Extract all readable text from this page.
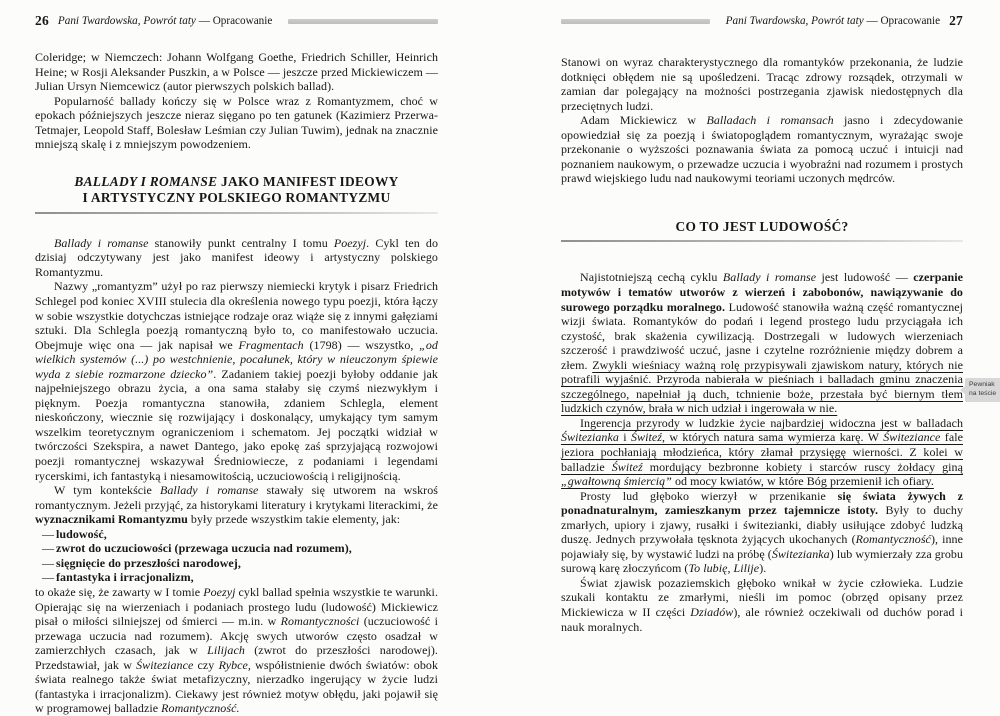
26 Pani Twardowska, Powrót taty — Opracowanie

Coleridge; w Niemczech: Johann Wolfgang Goethe, Friedrich Schiller, Heinrich Heine; w Rosji Aleksander Puszkin, a w Polsce — jeszcze przed Mickiewiczem — Julian Ursyn Niemcewicz (autor pierwszych polskich ballad).

Popularność ballady kończy się w Polsce wraz z Romantyzmem, choć w epokach późniejszych jeszcze nieraz sięgano po ten gatunek (Kazimierz Przerwa-Tetmajer, Leopold Staff, Bolesław Leśmian czy Julian Tuwim), jednak na znacznie mniejszą skalę i z mniejszym powodzeniem.

BALLADY I ROMANSE JAKO MANIFEST IDEOWY
I ARTYSTYCZNY POLSKIEGO ROMANTYZMU

Ballady i romanse stanowiły punkt centralny I tomu Poezyj. Cykl ten do dzisiaj odczytywany jest jako manifest ideowy i artystyczny polskiego Romantyzmu.

Nazwy „romantyzm” użył po raz pierwszy niemiecki krytyk i pisarz Friedrich Schlegel pod koniec XVIII stulecia dla określenia nowego typu poezji, która łączy w sobie wszystkie dotychczas istniejące rodzaje oraz wiąże się z innymi gałęziami sztuki. Dla Schlegla poezją romantyczną było to, co manifestowało uczucia. Obejmuje więc ona — jak napisał we Fragmentach (1798) — wszystko, „od wielkich systemów (...) po westchnienie, pocałunek, który w nieuczonym śpiewie wyda z siebie rozmarzone dziecko”. Zadaniem takiej poezji byłoby oddanie jak najpełniejszego obrazu życia, a ona sama stałaby się czymś niezwykłym i pięknym. Poezja romantyczna stanowiła, zdaniem Schlegla, element nieskończony, wiecznie się rozwijający i doskonalący, umykający tym samym wszelkim teoretycznym ograniczeniom i schematom. Jej początki widział w twórczości Szekspira, a nawet Dantego, jako epokę zaś sprzyjającą rozwojowi poezji romantycznej wskazywał Średniowiecze, z podaniami i legendami rycerskimi, ich fantastyką i niesamowitością, uczuciowością i religijnością.

W tym kontekście Ballady i romanse stawały się utworem na wskroś romantycznym. Jeżeli przyjąć, za historykami literatury i krytykami literackimi, że wyznacznikami Romantyzmu były przede wszystkim takie elementy, jak:

— ludowość,
— zwrot do uczuciowości (przewaga uczucia nad rozumem),
— sięgnięcie do przeszłości narodowej,
— fantastyka i irracjonalizm,

to okaże się, że zawarty w I tomie Poezyj cykl ballad spełnia wszystkie te warunki. Opierając się na wierzeniach i podaniach prostego ludu (ludowość) Mickiewicz pisał o miłości silniejszej od śmierci — m.in. w Romantyczności (uczuciowość i przewaga uczucia nad rozumem). Akcję swych utworów często osadzał w zamierzchłych czasach, jak w Lilijach (zwrot do przeszłości narodowej). Przedstawiał, jak w Świteziance czy Rybce, współistnienie dwóch światów: obok świata realnego także świat metafizyczny, nierzadko ingerujący w życie ludzi (fantastyka i irracjonalizm). Ciekawy jest również motyw obłędu, jaki pojawił się w programowej balladzie Romantyczność.

Pani Twardowska, Powrót taty — Opracowanie 27

Stanowi on wyraz charakterystycznego dla romantyków przekonania, że ludzie dotknięci obłędem nie są upośledzeni. Tracąc zdrowy rozsądek, otrzymali w zamian dar polegający na możności postrzegania zjawisk niedostępnych dla przeciętnych ludzi.

Adam Mickiewicz w Balladach i romansach jasno i zdecydowanie opowiedział się za poezją i światopoglądem romantycznym, wyrażając swoje przekonanie o wyższości poznawania świata za pomocą uczuć i intuicji nad poznaniem naukowym, o przewadze uczucia i wyobraźni nad rozumem i prostych prawd wiejskiego ludu nad naukowymi teoriami uczonych mędrców.

CO TO JEST LUDOWOŚĆ?

Najistotniejszą cechą cyklu Ballady i romanse jest ludowość — czerpanie motywów i tematów utworów z wierzeń i zabobonów, nawiązywanie do surowego porządku moralnego. Ludowość stanowiła ważną część romantycznej wizji świata. Romantyków do podań i legend prostego ludu przyciągała ich czystość, brak skażenia cywilizacją. Dostrzegali w ludowych wierzeniach szczerość i prawdziwość uczuć, jasne i czytelne rozróżnienie między dobrem a złem. Zwykli wieśniacy ważną rolę przypisywali zjawiskom natury, których nie potrafili wyjaśnić. Przyroda nabierała w pieśniach i balladach gminu znaczenia szczególnego, napełniał ją duch, tchnienie boże, przestała być biernym tłem ludzkich czynów, brała w nich udział i ingerowała w nie.

Ingerencja przyrody w ludzkie życie najbardziej widoczna jest w balladach Świtezianka i Świteź, w których natura sama wymierza karę. W Świteziance fale jeziora pochłaniają młodzieńca, który złamał przysięgę wierności. Z kolei w balladzie Świteź mordujący bezbronne kobiety i starców ruscy żołdacy giną „gwałtowną śmiercią” od mocy kwiatów, w które Bóg przemienił ich ofiary.

Prosty lud głęboko wierzył w przenikanie się świata żywych z ponadnaturalnym, zamieszkanym przez tajemnicze istoty. Były to duchy zmarłych, upiory i zjawy, rusałki i świtezianki, diabły usiłujące zdobyć ludzką duszę. Jednych przywołała tęsknota żyjących ukochanych (Romantyczność), inne pojawiały się, by wystawić ludzi na próbę (Świtezianka) lub wymierzały zza grobu surową karę złoczyńcom (To lubię, Lilije).

Świat zjawisk pozaziemskich głęboko wnikał w życie człowieka. Ludzie szukali kontaktu ze zmarłymi, nieśli im pomoc (obrzęd opisany przez Mickiewicza w II części Dziadów), ale również oczekiwali od duchów porad i nauk moralnych.

Pewniak
na teście
